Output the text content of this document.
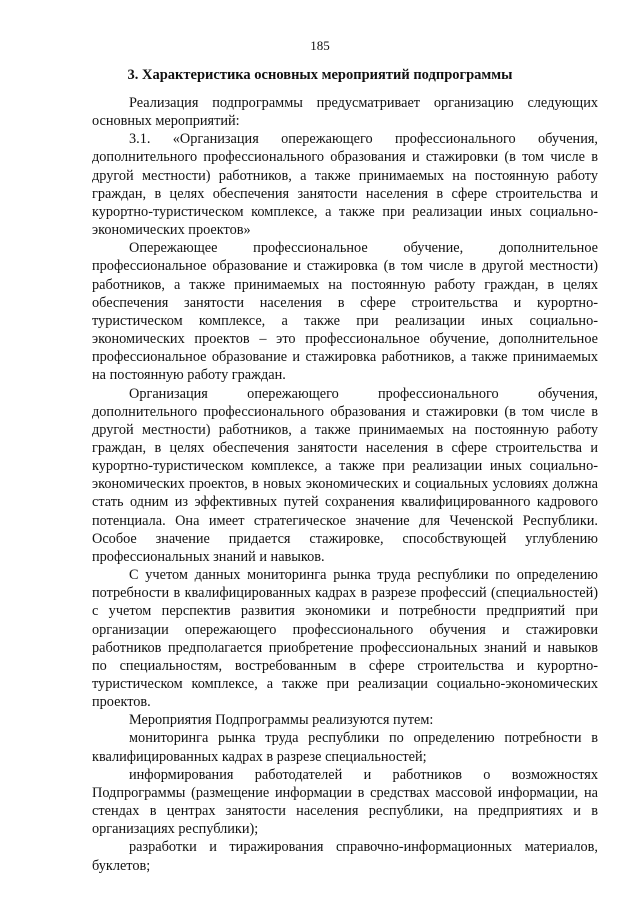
185
3. Характеристика основных мероприятий подпрограммы

Реализация подпрограммы предусматривает организацию следующих основных мероприятий:

3.1. «Организация опережающего профессионального обучения, дополнительного профессионального образования и стажировки (в том числе в другой местности) работников, а также принимаемых на постоянную работу граждан, в целях обеспечения занятости населения в сфере строительства и курортно-туристическом комплексе, а также при реализации иных социально-экономических проектов»

Опережающее профессиональное обучение, дополнительное профессиональное образование и стажировка (в том числе в другой местности) работников, а также принимаемых на постоянную работу граждан, в целях обеспечения занятости населения в сфере строительства и курортно-туристическом комплексе, а также при реализации иных социально-экономических проектов – это профессиональное обучение, дополнительное профессиональное образование и стажировка работников, а также принимаемых на постоянную работу граждан.

Организация опережающего профессионального обучения, дополнительного профессионального образования и стажировки (в том числе в другой местности) работников, а также принимаемых на постоянную работу граждан, в целях обеспечения занятости населения в сфере строительства и курортно-туристическом комплексе, а также при реализации иных социально-экономических проектов, в новых экономических и социальных условиях должна стать одним из эффективных путей сохранения квалифицированного кадрового потенциала. Она имеет стратегическое значение для Чеченской Республики. Особое значение придается стажировке, способствующей углублению профессиональных знаний и навыков.

С учетом данных мониторинга рынка труда республики по определению потребности в квалифицированных кадрах в разрезе профессий (специальностей) с учетом перспектив развития экономики и потребности предприятий при организации опережающего профессионального обучения и стажировки работников предполагается приобретение профессиональных знаний и навыков по специальностям, востребованным в сфере строительства и курортно-туристическом комплексе, а также при реализации социально-экономических проектов.

Мероприятия Подпрограммы реализуются путем:

мониторинга рынка труда республики по определению потребности в квалифицированных кадрах в разрезе специальностей;

информирования работодателей и работников о возможностях Подпрограммы (размещение информации в средствах массовой информации, на стендах в центрах занятости населения республики, на предприятиях и в организациях республики);

разработки и тиражирования справочно-информационных материалов, буклетов;
